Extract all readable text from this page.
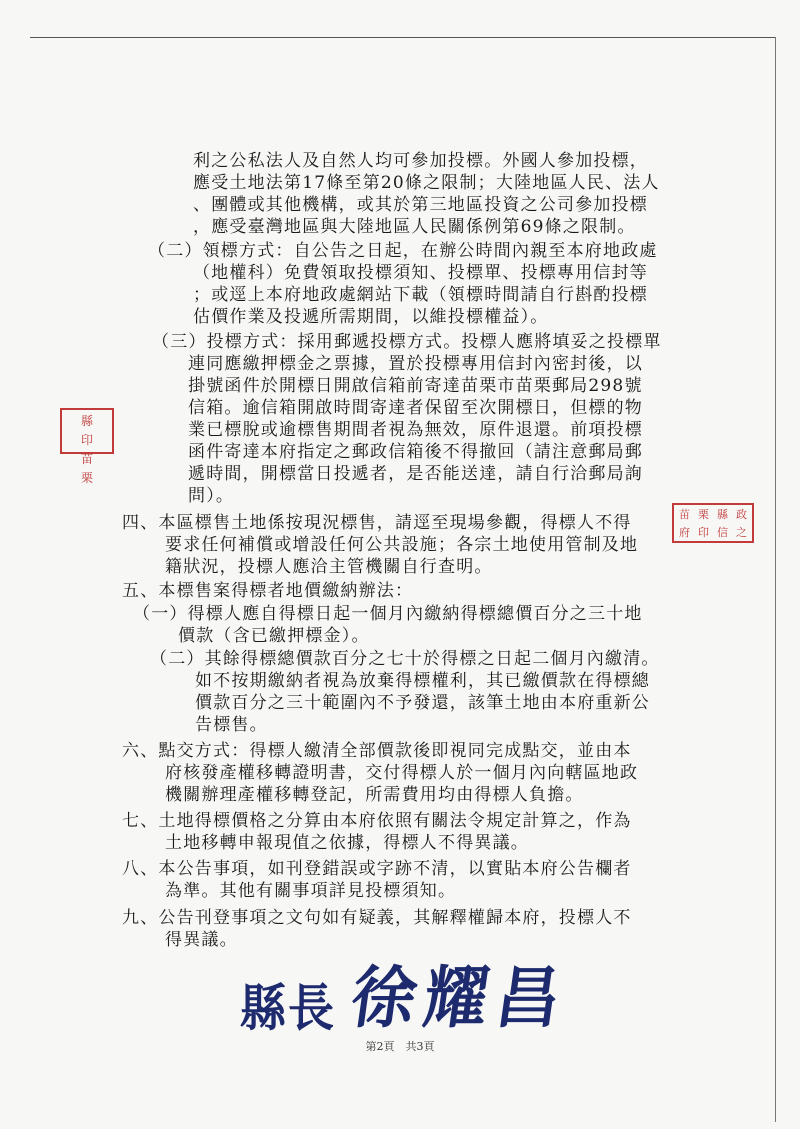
利之公私法人及自然人均可參加投標。外國人參加投標，
應受土地法第17條至第20條之限制；大陸地區人民、法人
、團體或其他機構，或其於第三地區投資之公司參加投標
，應受臺灣地區與大陸地區人民關係例第69條之限制。
（二）領標方式：自公告之日起，在辦公時間內親至本府地政處
（地權科）免費領取投標須知、投標單、投標專用信封等
；或逕上本府地政處網站下載（領標時間請自行斟酌投標
估價作業及投遞所需期間，以維投標權益）。
（三）投標方式：採用郵遞投標方式。投標人應將填妥之投標單
連同應繳押標金之票據，置於投標專用信封內密封後，以
掛號函件於開標日開啟信箱前寄達苗栗市苗栗郵局298號
信箱。逾信箱開啟時間寄達者保留至次開標日，但標的物
業已標脫或逾標售期間者視為無效，原件退還。前項投標
函件寄達本府指定之郵政信箱後不得撤回（請注意郵局郵
遞時間，開標當日投遞者，是否能送達，請自行洽郵局詢
問）。
四、本區標售土地係按現況標售，請逕至現場參觀，得標人不得
要求任何補償或增設任何公共設施；各宗土地使用管制及地
籍狀況，投標人應洽主管機關自行查明。
五、本標售案得標者地價繳納辦法：
（一）得標人應自得標日起一個月內繳納得標總價百分之三十地
價款（含已繳押標金）。
（二）其餘得標總價款百分之七十於得標之日起二個月內繳清。
如不按期繳納者視為放棄得標權利，其已繳價款在得標總
價款百分之三十範圍內不予發還，該筆土地由本府重新公
告標售。
六、點交方式：得標人繳清全部價款後即視同完成點交，並由本
府核發產權移轉證明書，交付得標人於一個月內向轄區地政
機關辦理產權移轉登記，所需費用均由得標人負擔。
七、土地得標價格之分算由本府依照有關法令規定計算之，作為
土地移轉申報現值之依據，得標人不得異議。
八、本公告事項，如刊登錯誤或字跡不清，以實貼本府公告欄者
為準。其他有關事項詳見投標須知。
九、公告刊登事項之文句如有疑義，其解釋權歸本府，投標人不
得異議。
縣
印
苗
栗
苗 栗 縣 政
府 印 信 之
縣長 徐耀昌
第2頁　共3頁
